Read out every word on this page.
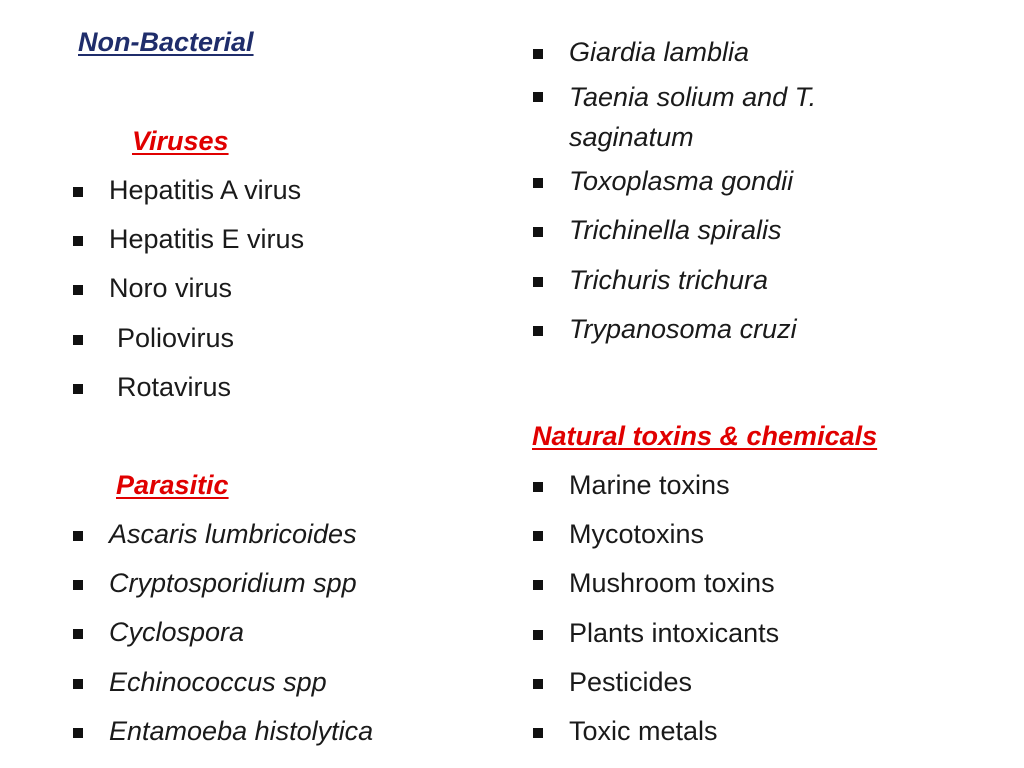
Non-Bacterial
Viruses
Hepatitis A virus
Hepatitis E virus
Noro virus
Poliovirus
Rotavirus
Parasitic
Ascaris lumbricoides
Cryptosporidium spp
Cyclospora
Echinococcus spp
Entamoeba histolytica
Giardia lamblia
Taenia solium and T. saginatum
Toxoplasma gondii
Trichinella spiralis
Trichuris trichura
Trypanosoma cruzi
Natural toxins & chemicals
Marine toxins
Mycotoxins
Mushroom toxins
Plants intoxicants
Pesticides
Toxic metals
